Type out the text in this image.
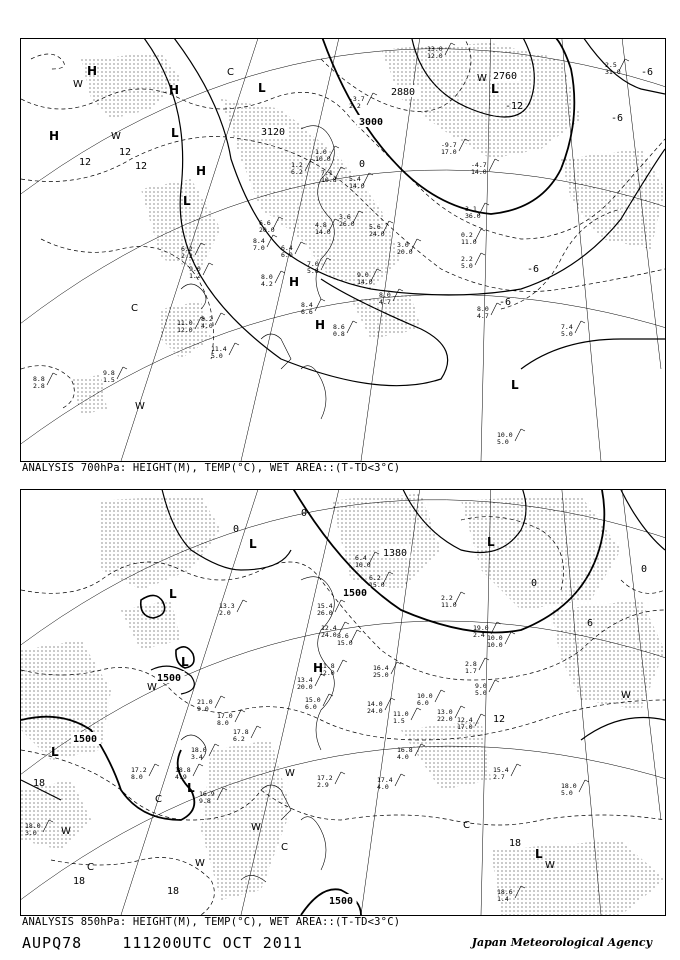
3120
3000
2880
2760
12
12
12	0
-6
-12
-6
-6
-6
H
H
H	L
H
L
H
H
L
L
L
W
C
W
C
W
W
1.0
10.0
1.2
6.2	7.1
10.8 5.4
14.0
3.6
26.0
4.8
14.0
6.6
20.0
8.4
7.0	6.4
6.0
7.0
5.8
8.0
4.2
9.0
14.0
5.6
24.0
6.2
2.2
9.0
1.2
8.2
4.0
11.0
12.0
11.4
5.0
9.8
1.5
8.8
2.8
8.4
6.6
8.6
0.8
8.0
4.7
8.0
4.7
7.4
5.0
10.0
5.0
-9.7
17.0
-4.7
14.0
3.1
36.0
0.2
11.0
2.2
5.0
3.0
20.0
-3.7
2.2
13.0
12.0
2.5
31.0
ANALYSIS 700hPa: HEIGHT(M), TEMP(°C), WET AREA::(T-TD<3°C)
1500
1380
1500
1500
1500
0
0
12
18
18
18
18
0
6
0
L
L	H
L
L
L
L
L
W
W
W	W
W
W
C
C
C
C
W
15.4
26.0
12.4
24.0 8.6
15.0
11.8
12.0
13.4
20.0
15.0
6.0
16.4
25.0
14.0
24.0 11.0
1.5
13.0
22.0 12.4
17.0
10.0
6.0
9.0
5.0
2.2
11.0
19.0
2.4 10.0
10.0
2.8
1.7
17.2
2.9
16.8
4.0
17.4
4.0
15.4
2.7
18.0
5.0
18.6
1.4
21.0
9.0
17.0
8.0
17.8
6.2
18.0
3.4
18.8
4.9
16.9
9.8
17.2
8.0
18.0
3.0
13.3
2.0
6.4
10.0
6.2
15.0
ANALYSIS 850hPa: HEIGHT(M), TEMP(°C), WET AREA::(T-TD<3°C)
AUPQ78	111200UTC OCT 2011	Japan Meteorological Agency
